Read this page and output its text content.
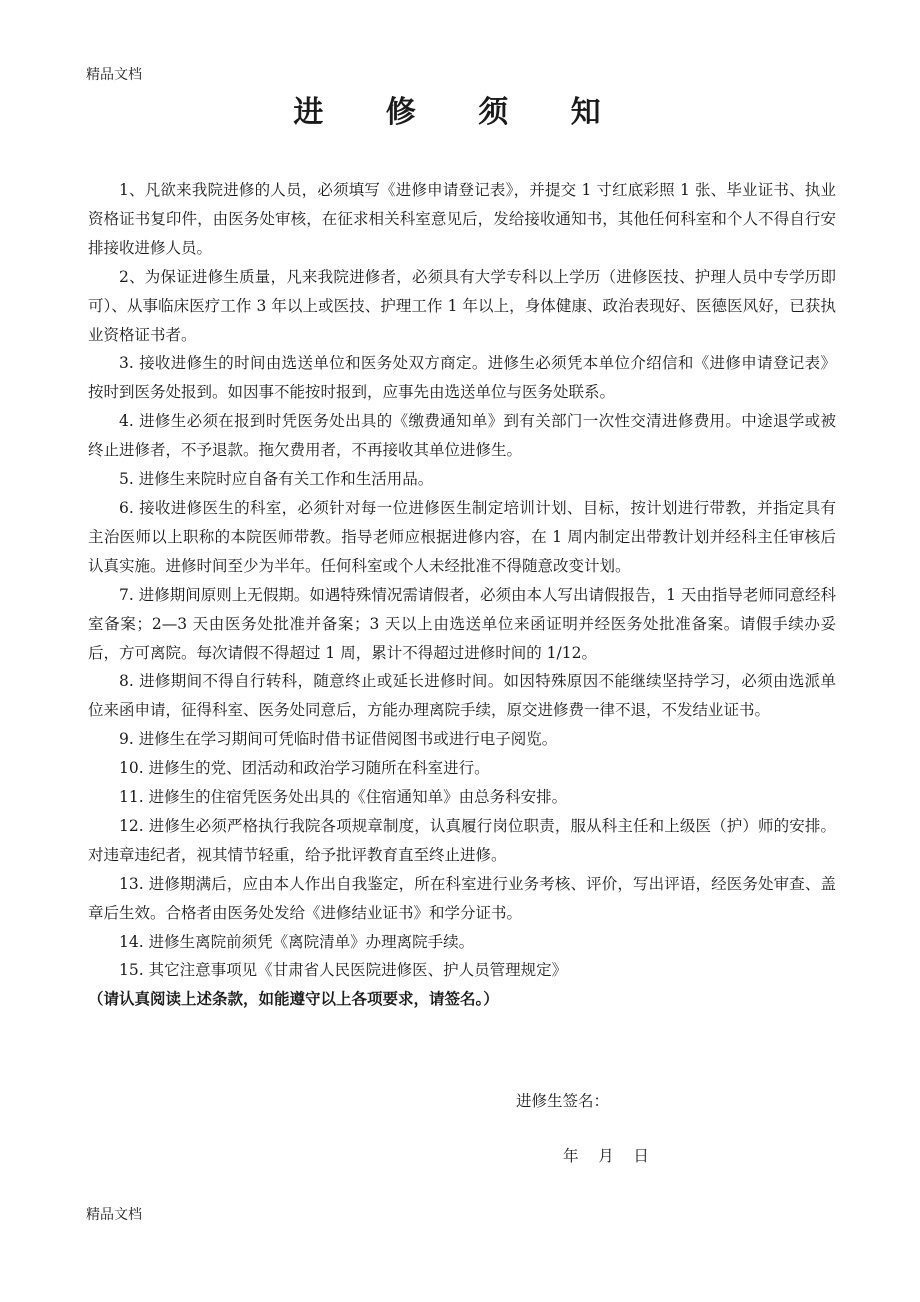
精品文档
进 修 须 知

1、凡欲来我院进修的人员，必须填写《进修申请登记表》，并提交 1 寸红底彩照 1 张、毕业证书、执业资格证书复印件，由医务处审核，在征求相关科室意见后，发给接收通知书，其他任何科室和个人不得自行安排接收进修人员。

2、为保证进修生质量，凡来我院进修者，必须具有大学专科以上学历（进修医技、护理人员中专学历即可）、从事临床医疗工作 3 年以上或医技、护理工作 1 年以上，身体健康、政治表现好、医德医风好，已获执业资格证书者。

3. 接收进修生的时间由选送单位和医务处双方商定。进修生必须凭本单位介绍信和《进修申请登记表》按时到医务处报到。如因事不能按时报到，应事先由选送单位与医务处联系。

4. 进修生必须在报到时凭医务处出具的《缴费通知单》到有关部门一次性交清进修费用。中途退学或被终止进修者，不予退款。拖欠费用者，不再接收其单位进修生。

5. 进修生来院时应自备有关工作和生活用品。

6. 接收进修医生的科室，必须针对每一位进修医生制定培训计划、目标，按计划进行带教，并指定具有主治医师以上职称的本院医师带教。指导老师应根据进修内容，在 1 周内制定出带教计划并经科主任审核后认真实施。进修时间至少为半年。任何科室或个人未经批准不得随意改变计划。

7. 进修期间原则上无假期。如遇特殊情况需请假者，必须由本人写出请假报告，1 天由指导老师同意经科室备案；2—3 天由医务处批准并备案；3 天以上由选送单位来函证明并经医务处批准备案。请假手续办妥后，方可离院。每次请假不得超过 1 周，累计不得超过进修时间的 1/12。

8. 进修期间不得自行转科，随意终止或延长进修时间。如因特殊原因不能继续坚持学习，必须由选派单位来函申请，征得科室、医务处同意后，方能办理离院手续，原交进修费一律不退，不发结业证书。

9. 进修生在学习期间可凭临时借书证借阅图书或进行电子阅览。

10. 进修生的党、团活动和政治学习随所在科室进行。

11. 进修生的住宿凭医务处出具的《住宿通知单》由总务科安排。

12. 进修生必须严格执行我院各项规章制度，认真履行岗位职责，服从科主任和上级医（护）师的安排。对违章违纪者，视其情节轻重，给予批评教育直至终止进修。

13. 进修期满后，应由本人作出自我鉴定，所在科室进行业务考核、评价，写出评语，经医务处审查、盖章后生效。合格者由医务处发给《进修结业证书》和学分证书。

14. 进修生离院前须凭《离院清单》办理离院手续。

15. 其它注意事项见《甘肃省人民医院进修医、护人员管理规定》

（请认真阅读上述条款，如能遵守以上各项要求，请签名。）

进修生签名：
年    月    日
精品文档
